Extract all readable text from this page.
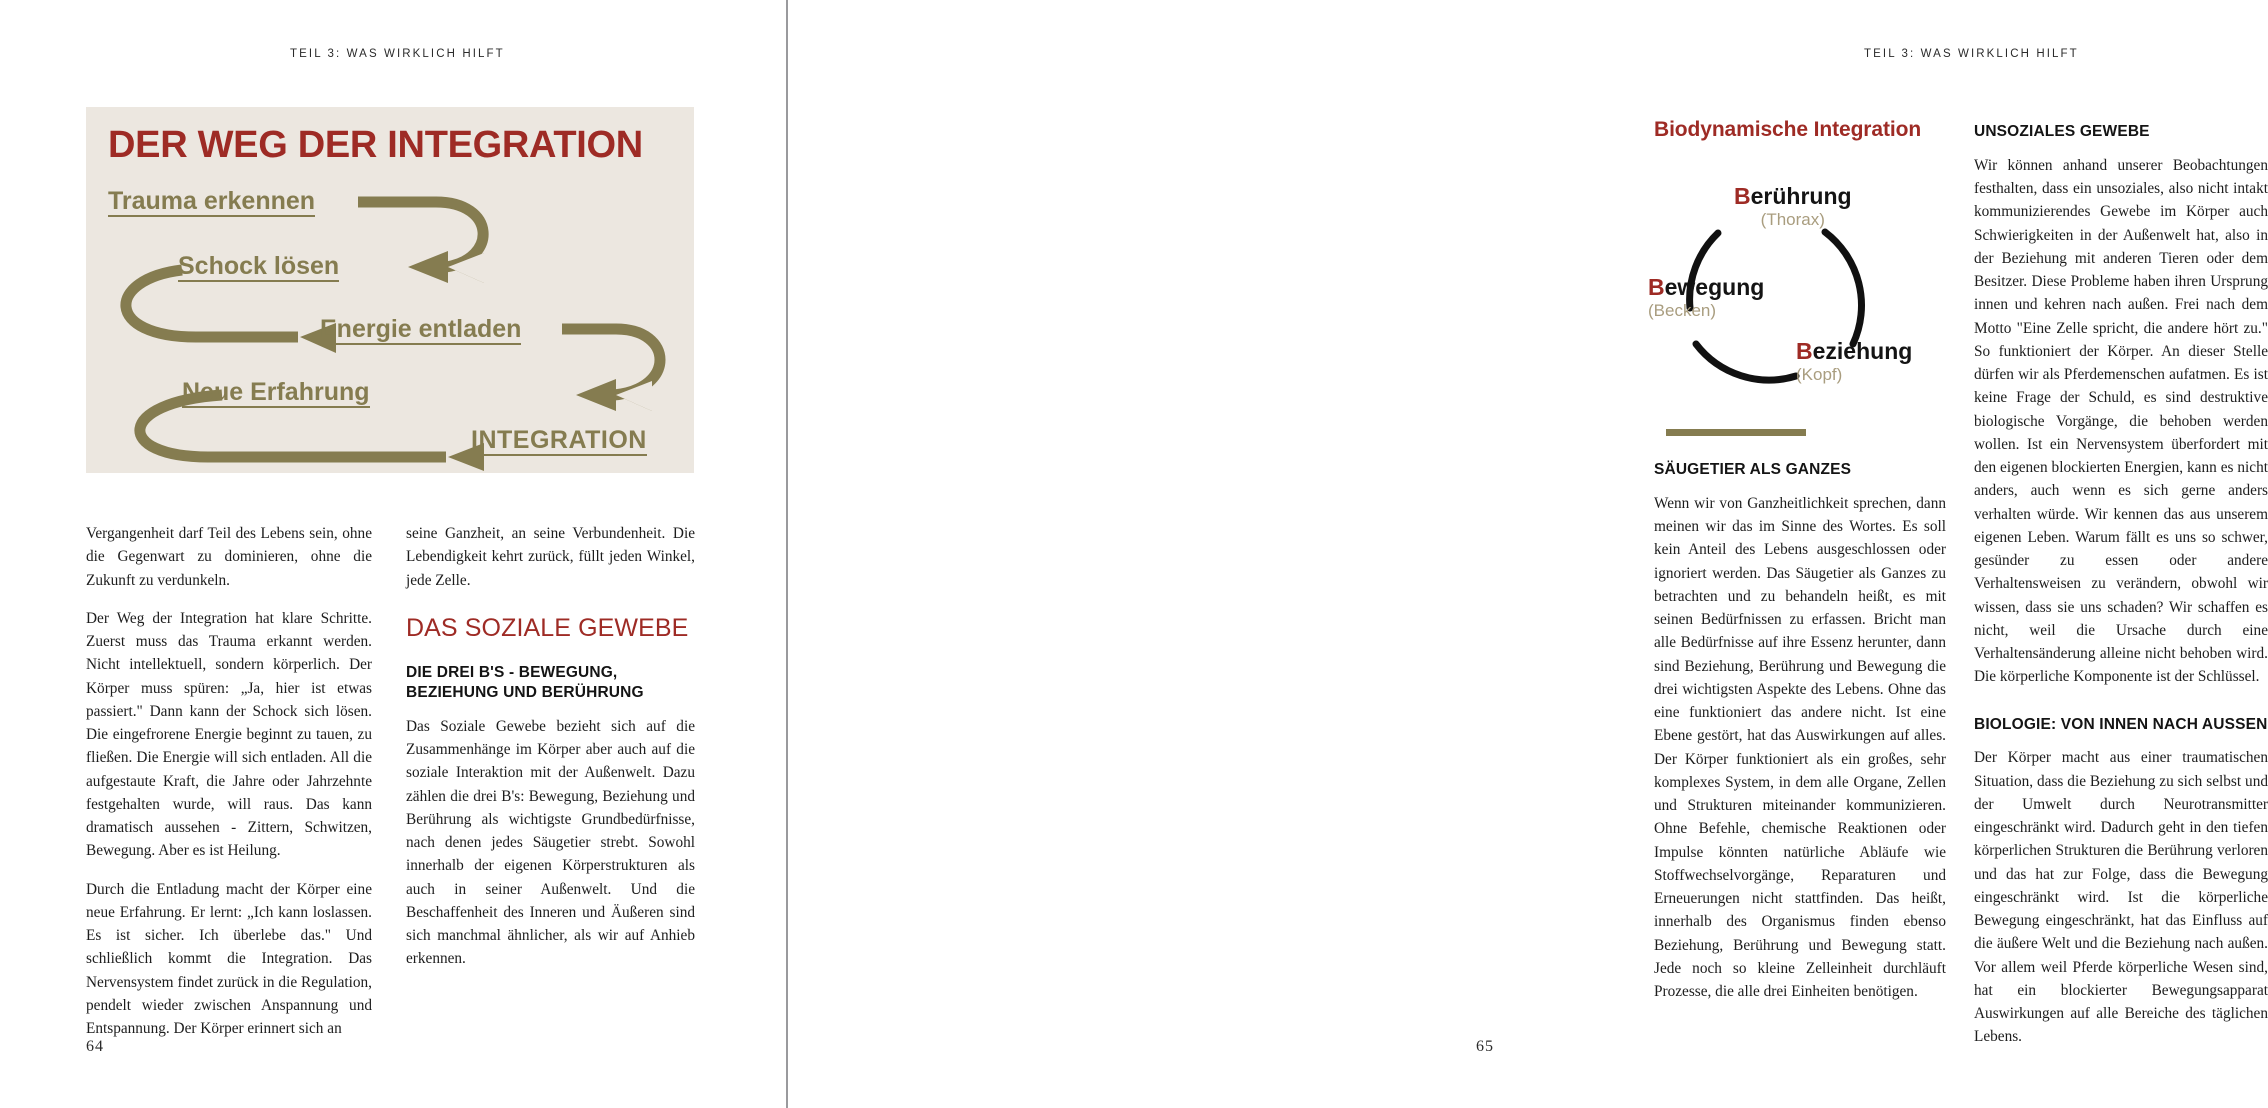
TEIL 3: WAS WIRKLICH HILFT
DER WEG DER INTEGRATION
Trauma erkennen
Schock lösen
Energie entladen
Neue Erfahrung
INTEGRATION

Vergangenheit darf Teil des Lebens sein, ohne die Gegenwart zu dominieren, ohne die Zukunft zu verdunkeln.

Der Weg der Integration hat klare Schritte. Zuerst muss das Trauma erkannt werden. Nicht intellektuell, sondern körperlich. Der Körper muss spüren: „Ja, hier ist etwas passiert." Dann kann der Schock sich lösen. Die eingefrorene Energie beginnt zu tauen, zu fließen. Die Energie will sich entladen. All die aufgestaute Kraft, die Jahre oder Jahrzehnte festgehalten wurde, will raus. Das kann dramatisch aussehen - Zittern, Schwitzen, Bewegung. Aber es ist Heilung.

Durch die Entladung macht der Körper eine neue Erfahrung. Er lernt: „Ich kann loslassen. Es ist sicher. Ich überlebe das." Und schließlich kommt die Integration. Das Nervensystem findet zurück in die Regulation, pendelt wieder zwischen Anspannung und Entspannung. Der Körper erinnert sich an

seine Ganzheit, an seine Verbundenheit. Die Lebendigkeit kehrt zurück, füllt jeden Winkel, jede Zelle.

DAS SOZIALE GEWEBE
DIE DREI B'S - BEWEGUNG, BEZIEHUNG UND BERÜHRUNG

Das Soziale Gewebe bezieht sich auf die Zusammenhänge im Körper aber auch auf die soziale Interaktion mit der Außenwelt. Dazu zählen die drei B's: Bewegung, Beziehung und Berührung als wichtigste Grundbedürfnisse, nach denen jedes Säugetier strebt. Sowohl innerhalb der eigenen Körperstrukturen als auch in seiner Außenwelt. Und die Beschaffenheit des Inneren und Äußeren sind sich manchmal ähnlicher, als wir auf Anhieb erkennen.

64
TEIL 3: WAS WIRKLICH HILFT
Biodynamische Integration
Berührung
(Thorax)
Bewegung
(Becken)
Beziehung
(Kopf)
SÄUGETIER ALS GANZES

Wenn wir von Ganzheitlichkeit sprechen, dann meinen wir das im Sinne des Wortes. Es soll kein Anteil des Lebens ausgeschlossen oder ignoriert werden. Das Säugetier als Ganzes zu betrachten und zu behandeln heißt, es mit seinen Bedürfnissen zu erfassen. Bricht man alle Bedürfnisse auf ihre Essenz herunter, dann sind Beziehung, Berührung und Bewegung die drei wichtigsten Aspekte des Lebens. Ohne das eine funktioniert das andere nicht. Ist eine Ebene gestört, hat das Auswirkungen auf alles. Der Körper funktioniert als ein großes, sehr komplexes System, in dem alle Organe, Zellen und Strukturen miteinander kommunizieren. Ohne Befehle, chemische Reaktionen oder Impulse könnten natürliche Abläufe wie Stoffwechselvorgänge, Reparaturen und Erneuerungen nicht stattfinden. Das heißt, innerhalb des Organismus finden ebenso Beziehung, Berührung und Bewegung statt. Jede noch so kleine Zelleinheit durchläuft Prozesse, die alle drei Einheiten benötigen.

UNSOZIALES GEWEBE

Wir können anhand unserer Beobachtungen festhalten, dass ein unsoziales, also nicht intakt kommunizierendes Gewebe im Körper auch Schwierigkeiten in der Außenwelt hat, also in der Beziehung mit anderen Tieren oder dem Besitzer. Diese Probleme haben ihren Ursprung innen und kehren nach außen. Frei nach dem Motto "Eine Zelle spricht, die andere hört zu." So funktioniert der Körper. An dieser Stelle dürfen wir als Pferdemenschen aufatmen. Es ist keine Frage der Schuld, es sind destruktive biologische Vorgänge, die behoben werden wollen. Ist ein Nervensystem überfordert mit den eigenen blockierten Energien, kann es nicht anders, auch wenn es sich gerne anders verhalten würde. Wir kennen das aus unserem eigenen Leben. Warum fällt es uns so schwer, gesünder zu essen oder andere Verhaltensweisen zu verändern, obwohl wir wissen, dass sie uns schaden? Wir schaffen es nicht, weil die Ursache durch eine Verhaltensänderung alleine nicht behoben wird. Die körperliche Komponente ist der Schlüssel.

BIOLOGIE: VON INNEN NACH AUSSEN

Der Körper macht aus einer traumatischen Situation, dass die Beziehung zu sich selbst und der Umwelt durch Neurotransmitter eingeschränkt wird. Dadurch geht in den tiefen körperlichen Strukturen die Berührung verloren und das hat zur Folge, dass die Bewegung eingeschränkt wird. Ist die körperliche Bewegung eingeschränkt, hat das Einfluss auf die äußere Welt und die Beziehung nach außen. Vor allem weil Pferde körperliche Wesen sind, hat ein blockierter Bewegungsapparat Auswirkungen auf alle Bereiche des täglichen Lebens.

65
